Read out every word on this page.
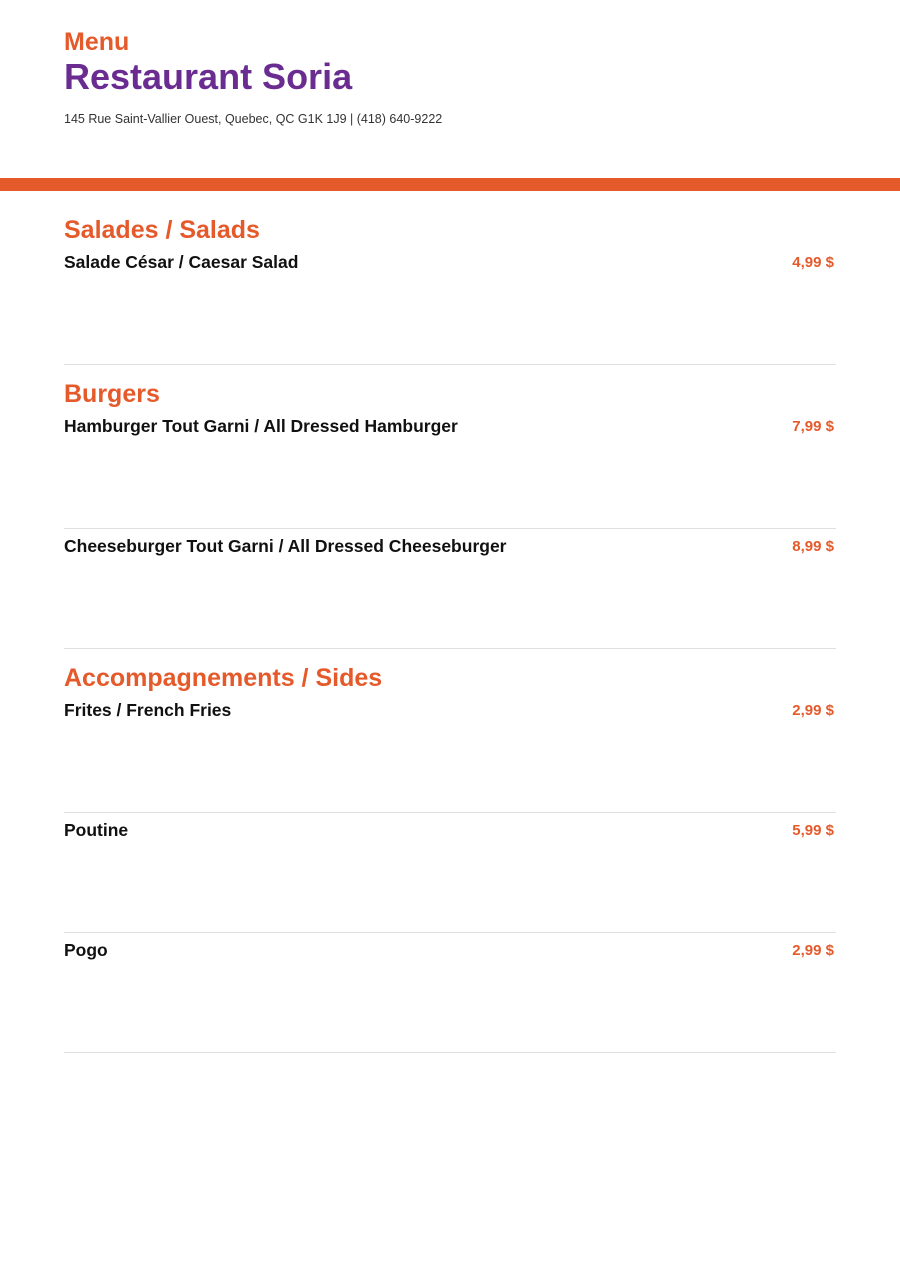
Menu
Restaurant Soria
145 Rue Saint-Vallier Ouest, Quebec, QC G1K 1J9 | (418) 640-9222
Salades / Salads
Salade César / Caesar Salad	4,99 $
Burgers
Hamburger Tout Garni / All Dressed Hamburger	7,99 $
Cheeseburger Tout Garni / All Dressed Cheeseburger	8,99 $
Accompagnements / Sides
Frites / French Fries	2,99 $
Poutine	5,99 $
Pogo	2,99 $
